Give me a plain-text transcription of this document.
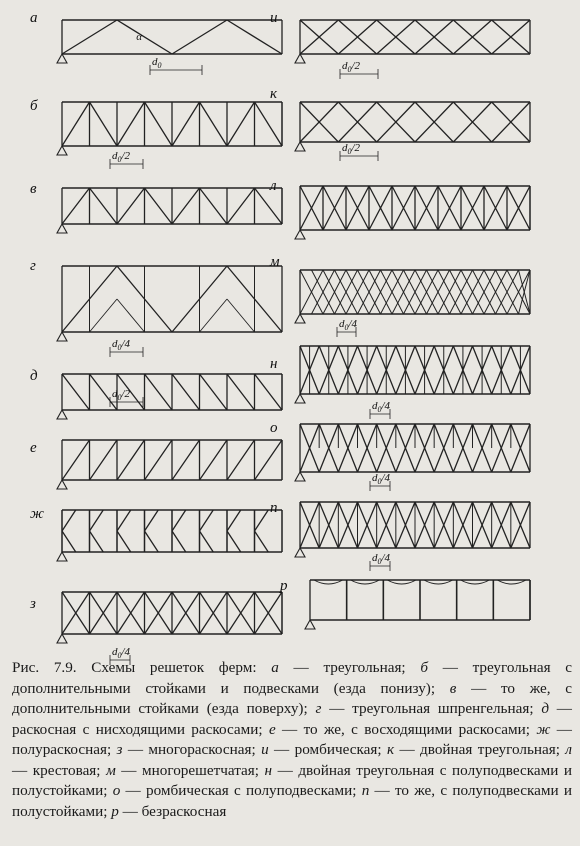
α
а
$d_0$
б
$d_0/2$
в
г
$d_0/4$
д
$d_0/2$
е
ж
з
$d_0/4$
и
$d_0/2$
к
$d_0/2$
л
м
$d_0/4$
н
$d_0/4$
о
$d_0/4$
п
$d_0/4$
р
Рис. 7.9. Схемы решеток ферм: а — треугольная; б — треугольная с дополнительными стойками и подвесками (езда понизу); в — то же, с дополнительными стойками (езда поверху); г — треугольная шпренгельная; д — раскосная с нисходящими раскосами; е — то же, с восходящими раскосами; ж — полураскосная; з — многораскосная; и — ромбическая; к — двойная треугольная; л — крестовая; м — многорешетчатая; н — двойная треугольная с полуподвесками и полустойками; о — ромбическая с полуподвесками; п — то же, с полуподвесками и полустойками; р — безраскосная
